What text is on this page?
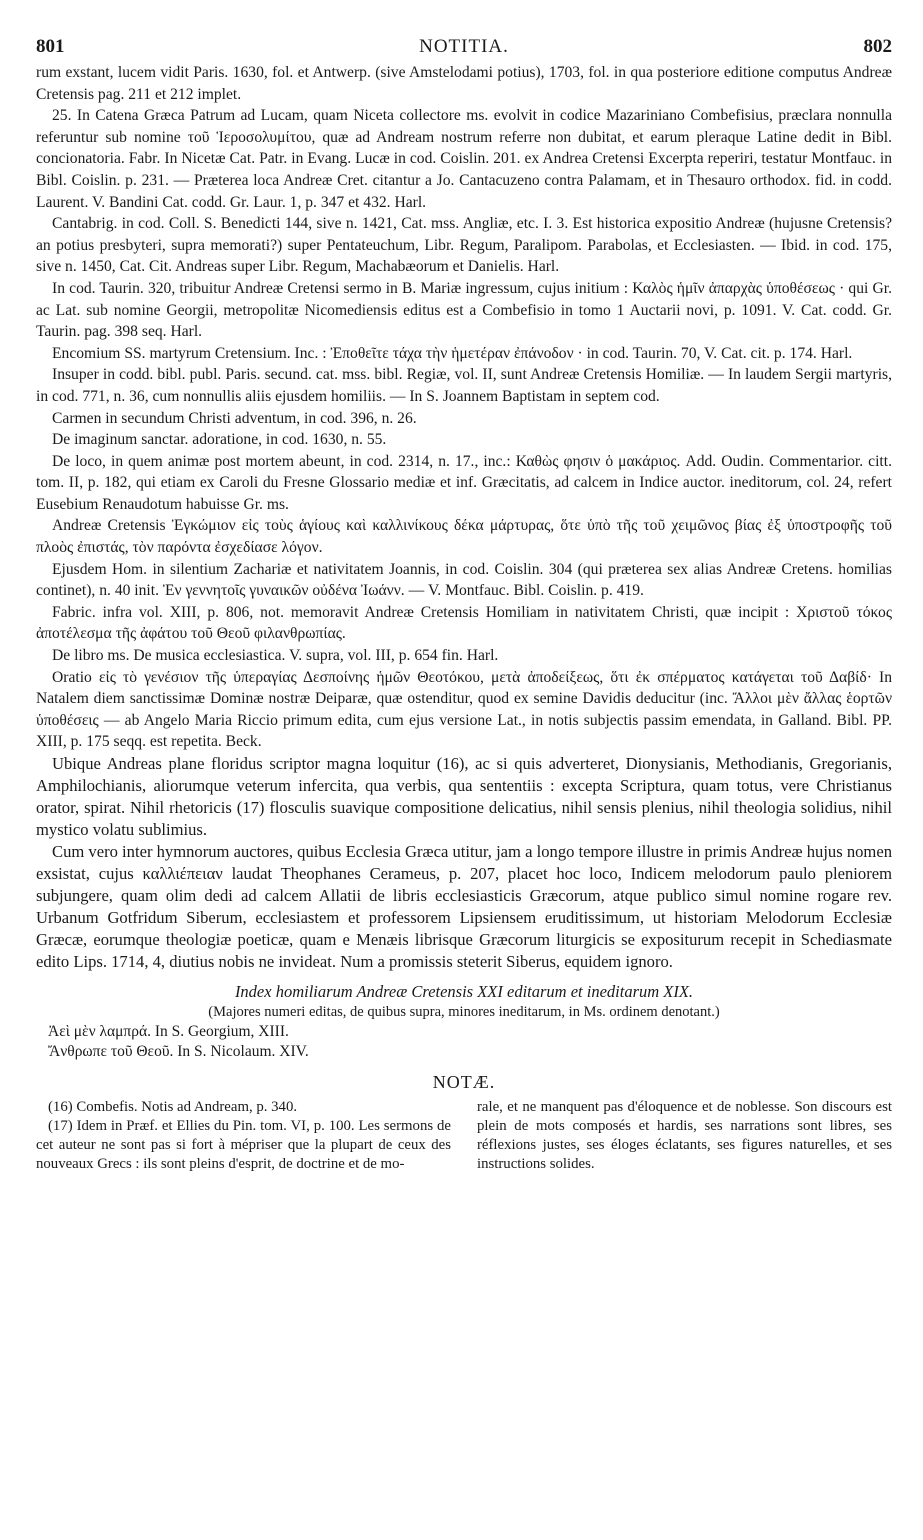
801	NOTITIA.	802

rum exstant, lucem vidit Paris. 1630, fol. et Antwerp. (sive Amstelodami potius), 1703, fol. in qua posteriore editione computus Andreæ Cretensis pag. 211 et 212 implet.

25. In Catena Græca Patrum ad Lucam, quam Niceta collectore ms. evolvit in codice Mazariniano Combefisius, præclara nonnulla referuntur sub nomine τοῦ Ἱεροσολυμίτου, quæ ad Andream nostrum referre non dubitat, et earum pleraque Latine dedit in Bibl. concionatoria. Fabr. In Nicetæ Cat. Patr. in Evang. Lucæ in cod. Coislin. 201. ex Andrea Cretensi Excerpta reperiri, testatur Montfauc. in Bibl. Coislin. p. 231. — Præterea loca Andreæ Cret. citantur a Jo. Cantacuzeno contra Palamam, et in Thesauro orthodox. fid. in codd. Laurent. V. Bandini Cat. codd. Gr. Laur. 1, p. 347 et 432. Harl.

Cantabrig. in cod. Coll. S. Benedicti 144, sive n. 1421, Cat. mss. Angliæ, etc. I. 3. Est historica expositio Andreæ (hujusne Cretensis? an potius presbyteri, supra memorati?) super Pentateuchum, Libr. Regum, Paralipom. Parabolas, et Ecclesiasten. — Ibid. in cod. 175, sive n. 1450, Cat. Cit. Andreas super Libr. Regum, Machabæorum et Danielis. Harl.

In cod. Taurin. 320, tribuitur Andreæ Cretensi sermo in B. Mariæ ingressum, cujus initium : Καλὸς ἡμῖν ἀπαρχὰς ὑποθέσεως · qui Gr. ac Lat. sub nomine Georgii, metropolitæ Nicomediensis editus est a Combefisio in tomo 1 Auctarii novi, p. 1091. V. Cat. codd. Gr. Taurin. pag. 398 seq. Harl.

Encomium SS. martyrum Cretensium. Inc. : Ἐποθεῖτε τάχα τὴν ἡμετέραν ἐπάνοδον · in cod. Taurin. 70, V. Cat. cit. p. 174. Harl.

Insuper in codd. bibl. publ. Paris. secund. cat. mss. bibl. Regiæ, vol. II, sunt Andreæ Cretensis Homiliæ. — In laudem Sergii martyris, in cod. 771, n. 36, cum nonnullis aliis ejusdem homiliis. — In S. Joannem Baptistam in septem cod.

Carmen in secundum Christi adventum, in cod. 396, n. 26.

De imaginum sanctar. adoratione, in cod. 1630, n. 55.

De loco, in quem animæ post mortem abeunt, in cod. 2314, n. 17., inc.: Καθὼς φησιν ὁ μακάριος. Add. Oudin. Commentarior. citt. tom. II, p. 182, qui etiam ex Caroli du Fresne Glossario mediæ et inf. Græcitatis, ad calcem in Indice auctor. ineditorum, col. 24, refert Eusebium Renaudotum habuisse Gr. ms.

Andreæ Cretensis Ἐγκώμιον εἰς τοὺς ἁγίους καὶ καλλινίκους δέκα μάρτυρας, ὅτε ὑπὸ τῆς τοῦ χειμῶνος βίας ἐξ ὑποστροφῆς τοῦ πλοὸς ἐπιστάς, τὸν παρόντα ἐσχεδίασε λόγον.

Ejusdem Hom. in silentium Zachariæ et nativitatem Joannis, in cod. Coislin. 304 (qui præterea sex alias Andreæ Cretens. homilias continet), n. 40 init. Ἐν γεννητοῖς γυναικῶν οὐδένα Ἰωάνν. — V. Montfauc. Bibl. Coislin. p. 419.

Fabric. infra vol. XIII, p. 806, not. memoravit Andreæ Cretensis Homiliam in nativitatem Christi, quæ incipit : Χριστοῦ τόκος ἀποτέλεσμα τῆς ἀφάτου τοῦ Θεοῦ φιλανθρωπίας.

De libro ms. De musica ecclesiastica. V. supra, vol. III, p. 654 fin. Harl.

Oratio εἰς τὸ γενέσιον τῆς ὑπεραγίας Δεσποίνης ἡμῶν Θεοτόκου, μετὰ ἀποδείξεως, ὅτι ἐκ σπέρματος κατάγεται τοῦ Δαβίδ· In Natalem diem sanctissimæ Dominæ nostræ Deiparæ, quæ ostenditur, quod ex semine Davidis deducitur (inc. Ἄλλοι μὲν ἄλλας ἑορτῶν ὑποθέσεις — ab Angelo Maria Riccio primum edita, cum ejus versione Lat., in notis subjectis passim emendata, in Galland. Bibl. PP. XIII, p. 175 seqq. est repetita. Beck.

Ubique Andreas plane floridus scriptor magna loquitur (16), ac si quis adverteret, Dionysianis, Methodianis, Gregorianis, Amphilochianis, aliorumque veterum infercita, qua verbis, qua sententiis : excepta Scriptura, quam totus, vere Christianus orator, spirat. Nihil rhetoricis (17) flosculis suavique compositione delicatius, nihil sensis plenius, nihil theologia solidius, nihil mystico volatu sublimius.

Cum vero inter hymnorum auctores, quibus Ecclesia Græca utitur, jam a longo tempore illustre in primis Andreæ hujus nomen exsistat, cujus καλλιέπειαν laudat Theophanes Cerameus, p. 207, placet hoc loco, Indicem melodorum paulo pleniorem subjungere, quam olim dedi ad calcem Allatii de libris ecclesiasticis Græcorum, atque publico simul nomine rogare rev. Urbanum Gotfridum Siberum, ecclesiastem et professorem Lipsiensem eruditissimum, ut historiam Melodorum Ecclesiæ Græcæ, eorumque theologiæ poeticæ, quam e Menæis librisque Græcorum liturgicis se expositurum recepit in Schediasmate edito Lips. 1714, 4, diutius nobis ne invideat. Num a promissis steterit Siberus, equidem ignoro.

Index homiliarum Andreæ Cretensis XXI editarum et ineditarum XIX.
(Majores numeri editas, de quibus supra, minores ineditarum, in Ms. ordinem denotant.)
Ἀεὶ μὲν λαμπρά. In S. Georgium, XIII.
Ἄνθρωπε τοῦ Θεοῦ. In S. Nicolaum. XIV.
NOTÆ.

(16) Combefis. Notis ad Andream, p. 340.

(17) Idem in Præf. et Ellies du Pin. tom. VI, p. 100. Les sermons de cet auteur ne sont pas si fort à mépriser que la plupart de ceux des nouveaux Grecs : ils sont pleins d'esprit, de doctrine et de mo-

rale, et ne manquent pas d'éloquence et de noblesse. Son discours est plein de mots composés et hardis, ses narrations sont libres, ses réflexions justes, ses éloges éclatants, ses figures naturelles, et ses instructions solides.
